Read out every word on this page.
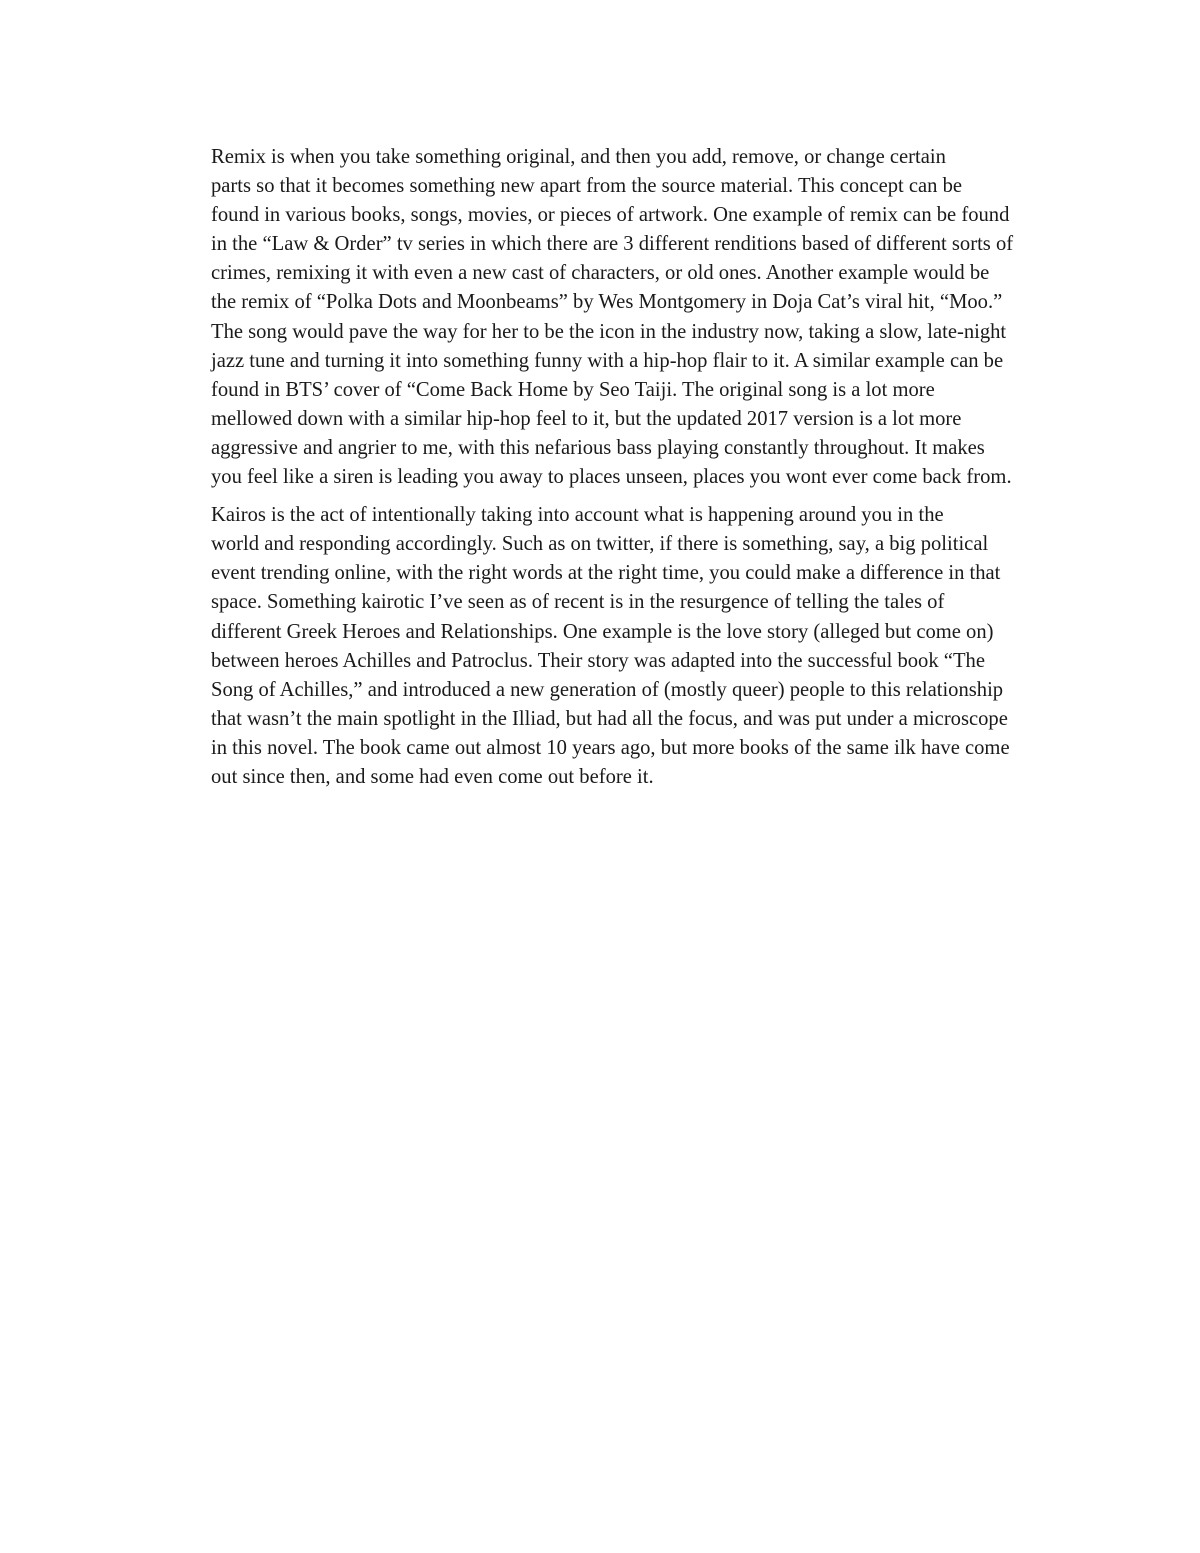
Remix is when you take something original, and then you add, remove, or change certain
parts so that it becomes something new apart from the source material. This concept can be
found in various books, songs, movies, or pieces of artwork. One example of remix can be found
in the “Law & Order” tv series in which there are 3 different renditions based of different sorts of
crimes, remixing it with even a new cast of characters, or old ones. Another example would be
the remix of “Polka Dots and Moonbeams” by Wes Montgomery in Doja Cat’s viral hit, “Moo.”
The song would pave the way for her to be the icon in the industry now, taking a slow, late-night
jazz tune and turning it into something funny with a hip-hop flair to it. A similar example can be
found in BTS’ cover of “Come Back Home by Seo Taiji. The original song is a lot more
mellowed down with a similar hip-hop feel to it, but the updated 2017 version is a lot more
aggressive and angrier to me, with this nefarious bass playing constantly throughout. It makes
you feel like a siren is leading you away to places unseen, places you wont ever come back from.

Kairos is the act of intentionally taking into account what is happening around you in the
world and responding accordingly. Such as on twitter, if there is something, say, a big political
event trending online, with the right words at the right time, you could make a difference in that
space. Something kairotic I’ve seen as of recent is in the resurgence of telling the tales of
different Greek Heroes and Relationships. One example is the love story (alleged but come on)
between heroes Achilles and Patroclus. Their story was adapted into the successful book “The
Song of Achilles,” and introduced a new generation of (mostly queer) people to this relationship
that wasn’t the main spotlight in the Illiad, but had all the focus, and was put under a microscope
in this novel. The book came out almost 10 years ago, but more books of the same ilk have come
out since then, and some had even come out before it.
